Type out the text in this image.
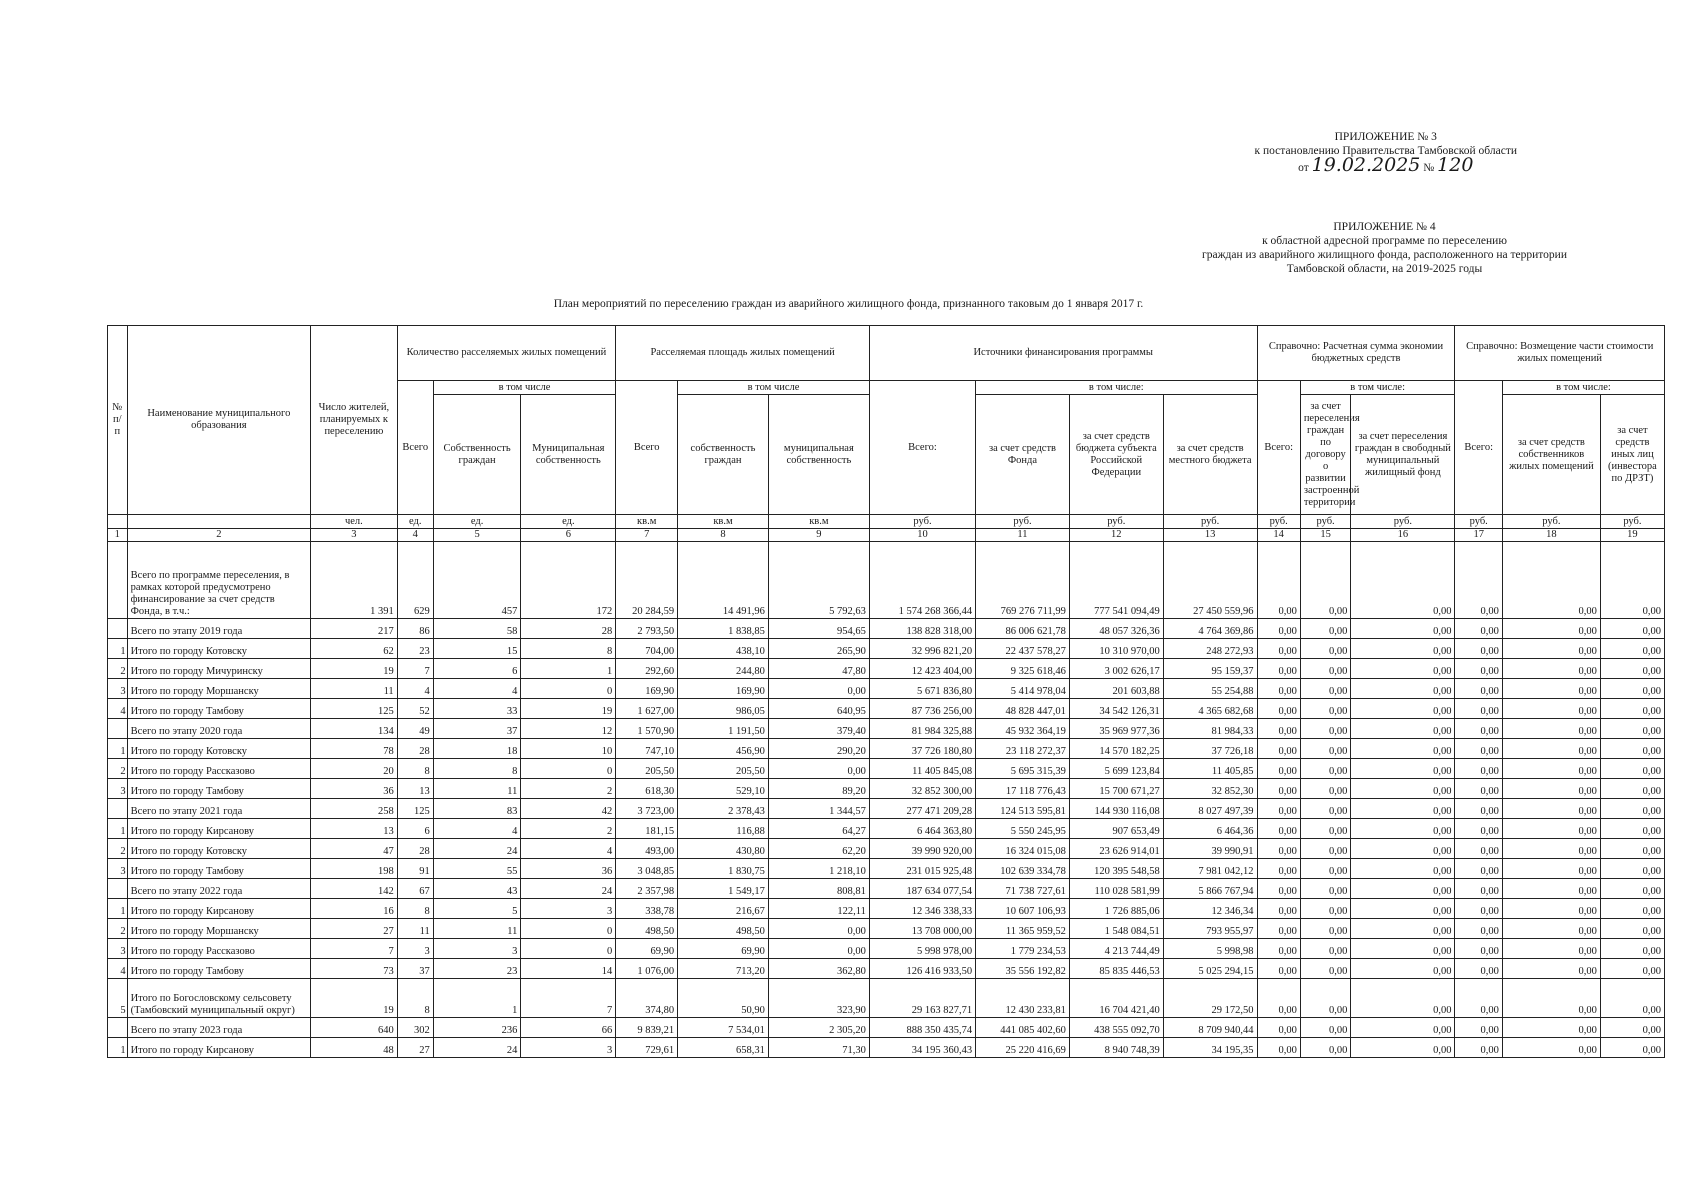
ПРИЛОЖЕНИЕ № 3
к постановлению Правительства Тамбовской области
от 19.02.2025 № 120
ПРИЛОЖЕНИЕ № 4
к областной адресной программе по переселению
граждан из аварийного жилищного фонда, расположенного на территории
Тамбовской области, на 2019-2025 годы
План мероприятий по переселению граждан из аварийного жилищного фонда, признанного таковым до 1 января 2017 г.
№ п/п	Наименование муниципального образования	Число жителей, планируемых к переселению	Количество расселяемых жилых помещений			Расселяемая площадь жилых помещений			Источники финансирования программы				Справочно: Расчетная сумма экономии бюджетных средств			Справочно: Возмещение части стоимости жилых помещений		
			Всего	в том числе		Всего	в том числе		Всего:	в том числе:			Всего:	в том числе:		Всего:	в том числе:	
				Собственность граждан	Муниципальная собственность		собственность граждан	муниципальная собственность		за счет средств Фонда	за счет средств бюджета субъекта Российской Федерации	за счет средств местного бюджета		за счет переселения граждан по договору о развитии застроенной территории	за счет переселения граждан в свободный муниципальный жилищный фонд		за счет средств собственников жилых помещений	за счет средств иных лиц (инвестора по ДРЗТ)
		чел.	ед.	ед.	ед.	кв.м	кв.м	кв.м	руб.	руб.	руб.	руб.	руб.	руб.	руб.	руб.	руб.	руб.
1	2	3	4	5	6	7	8	9	10	11	12	13	14	15	16	17	18	19
	Всего по программе переселения, в рамках которой предусмотрено финансирование за счет средств Фонда, в т.ч.:	1 391	629	457	172	20 284,59	14 491,96	5 792,63	1 574 268 366,44	769 276 711,99	777 541 094,49	27 450 559,96	0,00	0,00	0,00	0,00	0,00	0,00
	Всего по этапу 2019 года	217	86	58	28	2 793,50	1 838,85	954,65	138 828 318,00	86 006 621,78	48 057 326,36	4 764 369,86	0,00	0,00	0,00	0,00	0,00	0,00
1	Итого по городу Котовску	62	23	15	8	704,00	438,10	265,90	32 996 821,20	22 437 578,27	10 310 970,00	248 272,93	0,00	0,00	0,00	0,00	0,00	0,00
2	Итого по городу Мичуринску	19	7	6	1	292,60	244,80	47,80	12 423 404,00	9 325 618,46	3 002 626,17	95 159,37	0,00	0,00	0,00	0,00	0,00	0,00
3	Итого по городу Моршанску	11	4	4	0	169,90	169,90	0,00	5 671 836,80	5 414 978,04	201 603,88	55 254,88	0,00	0,00	0,00	0,00	0,00	0,00
4	Итого по городу Тамбову	125	52	33	19	1 627,00	986,05	640,95	87 736 256,00	48 828 447,01	34 542 126,31	4 365 682,68	0,00	0,00	0,00	0,00	0,00	0,00
	Всего по этапу 2020 года	134	49	37	12	1 570,90	1 191,50	379,40	81 984 325,88	45 932 364,19	35 969 977,36	81 984,33	0,00	0,00	0,00	0,00	0,00	0,00
1	Итого по городу Котовску	78	28	18	10	747,10	456,90	290,20	37 726 180,80	23 118 272,37	14 570 182,25	37 726,18	0,00	0,00	0,00	0,00	0,00	0,00
2	Итого по городу Рассказово	20	8	8	0	205,50	205,50	0,00	11 405 845,08	5 695 315,39	5 699 123,84	11 405,85	0,00	0,00	0,00	0,00	0,00	0,00
3	Итого по городу Тамбову	36	13	11	2	618,30	529,10	89,20	32 852 300,00	17 118 776,43	15 700 671,27	32 852,30	0,00	0,00	0,00	0,00	0,00	0,00
	Всего по этапу 2021 года	258	125	83	42	3 723,00	2 378,43	1 344,57	277 471 209,28	124 513 595,81	144 930 116,08	8 027 497,39	0,00	0,00	0,00	0,00	0,00	0,00
1	Итого по городу Кирсанову	13	6	4	2	181,15	116,88	64,27	6 464 363,80	5 550 245,95	907 653,49	6 464,36	0,00	0,00	0,00	0,00	0,00	0,00
2	Итого по городу Котовску	47	28	24	4	493,00	430,80	62,20	39 990 920,00	16 324 015,08	23 626 914,01	39 990,91	0,00	0,00	0,00	0,00	0,00	0,00
3	Итого по городу Тамбову	198	91	55	36	3 048,85	1 830,75	1 218,10	231 015 925,48	102 639 334,78	120 395 548,58	7 981 042,12	0,00	0,00	0,00	0,00	0,00	0,00
	Всего по этапу 2022 года	142	67	43	24	2 357,98	1 549,17	808,81	187 634 077,54	71 738 727,61	110 028 581,99	5 866 767,94	0,00	0,00	0,00	0,00	0,00	0,00
1	Итого по городу Кирсанову	16	8	5	3	338,78	216,67	122,11	12 346 338,33	10 607 106,93	1 726 885,06	12 346,34	0,00	0,00	0,00	0,00	0,00	0,00
2	Итого по городу Моршанску	27	11	11	0	498,50	498,50	0,00	13 708 000,00	11 365 959,52	1 548 084,51	793 955,97	0,00	0,00	0,00	0,00	0,00	0,00
3	Итого по городу Рассказово	7	3	3	0	69,90	69,90	0,00	5 998 978,00	1 779 234,53	4 213 744,49	5 998,98	0,00	0,00	0,00	0,00	0,00	0,00
4	Итого по городу Тамбову	73	37	23	14	1 076,00	713,20	362,80	126 416 933,50	35 556 192,82	85 835 446,53	5 025 294,15	0,00	0,00	0,00	0,00	0,00	0,00
5	Итого по Богословскому сельсовету (Тамбовский муниципальный округ)	19	8	1	7	374,80	50,90	323,90	29 163 827,71	12 430 233,81	16 704 421,40	29 172,50	0,00	0,00	0,00	0,00	0,00	0,00
	Всего по этапу 2023 года	640	302	236	66	9 839,21	7 534,01	2 305,20	888 350 435,74	441 085 402,60	438 555 092,70	8 709 940,44	0,00	0,00	0,00	0,00	0,00	0,00
1	Итого по городу Кирсанову	48	27	24	3	729,61	658,31	71,30	34 195 360,43	25 220 416,69	8 940 748,39	34 195,35	0,00	0,00	0,00	0,00	0,00	0,00
